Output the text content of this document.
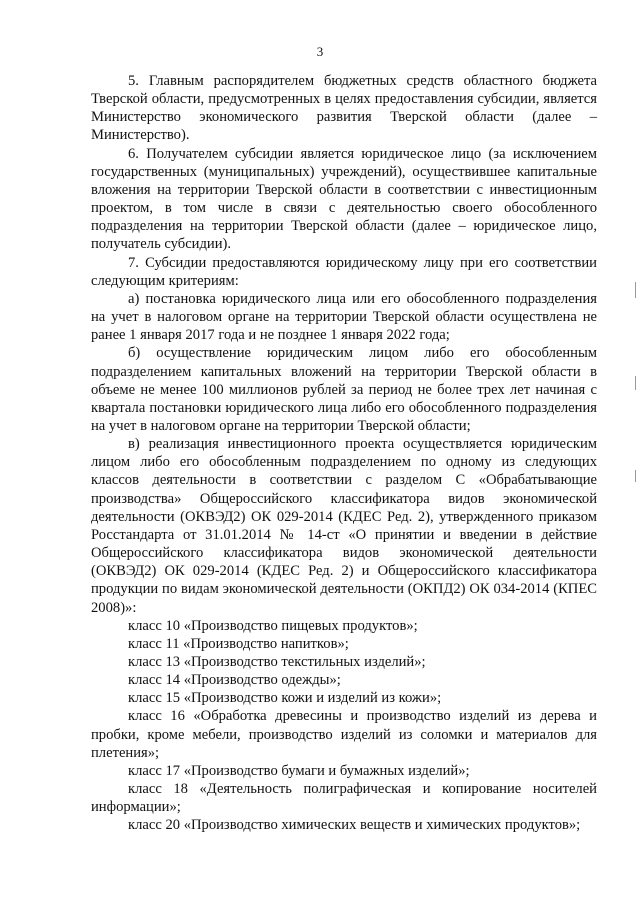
3

5. Главным распорядителем бюджетных средств областного бюджета Тверской области, предусмотренных в целях предоставления субсидии, является Министерство экономического развития Тверской области (далее – Министерство).

6. Получателем субсидии является юридическое лицо (за исключением государственных (муниципальных) учреждений), осуществившее капитальные вложения на территории Тверской области в соответствии с инвестиционным проектом, в том числе в связи с деятельностью своего обособленного подразделения на территории Тверской области (далее – юридическое лицо, получатель субсидии).

7. Субсидии предоставляются юридическому лицу при его соответствии следующим критериям:

а) постановка юридического лица или его обособленного подразделения на учет в налоговом органе на территории Тверской области осуществлена не ранее 1 января 2017 года и не позднее 1 января 2022 года;

б) осуществление юридическим лицом либо его обособленным подразделением капитальных вложений на территории Тверской области в объеме не менее 100 миллионов рублей за период не более трех лет начиная с квартала постановки юридического лица либо его обособленного подразделения на учет в налоговом органе на территории Тверской области;

в) реализация инвестиционного проекта осуществляется юридическим лицом либо его обособленным подразделением по одному из следующих классов деятельности в соответствии с разделом С «Обрабатывающие производства» Общероссийского классификатора видов экономической деятельности (ОКВЭД2) ОК 029-2014 (КДЕС Ред. 2), утвержденного приказом Росстандарта от 31.01.2014 № 14-ст «О принятии и введении в действие Общероссийского классификатора видов экономической деятельности (ОКВЭД2) ОК 029-2014 (КДЕС Ред. 2) и Общероссийского классификатора продукции по видам экономической деятельности (ОКПД2) ОК 034-2014 (КПЕС 2008)»:

класс 10 «Производство пищевых продуктов»;

класс 11 «Производство напитков»;

класс 13 «Производство текстильных изделий»;

класс 14 «Производство одежды»;

класс 15 «Производство кожи и изделий из кожи»;

класс 16 «Обработка древесины и производство изделий из дерева и пробки, кроме мебели, производство изделий из соломки и материалов для плетения»;

класс 17 «Производство бумаги и бумажных изделий»;

класс 18 «Деятельность полиграфическая и копирование носителей информации»;

класс 20 «Производство химических веществ и химических продуктов»;
